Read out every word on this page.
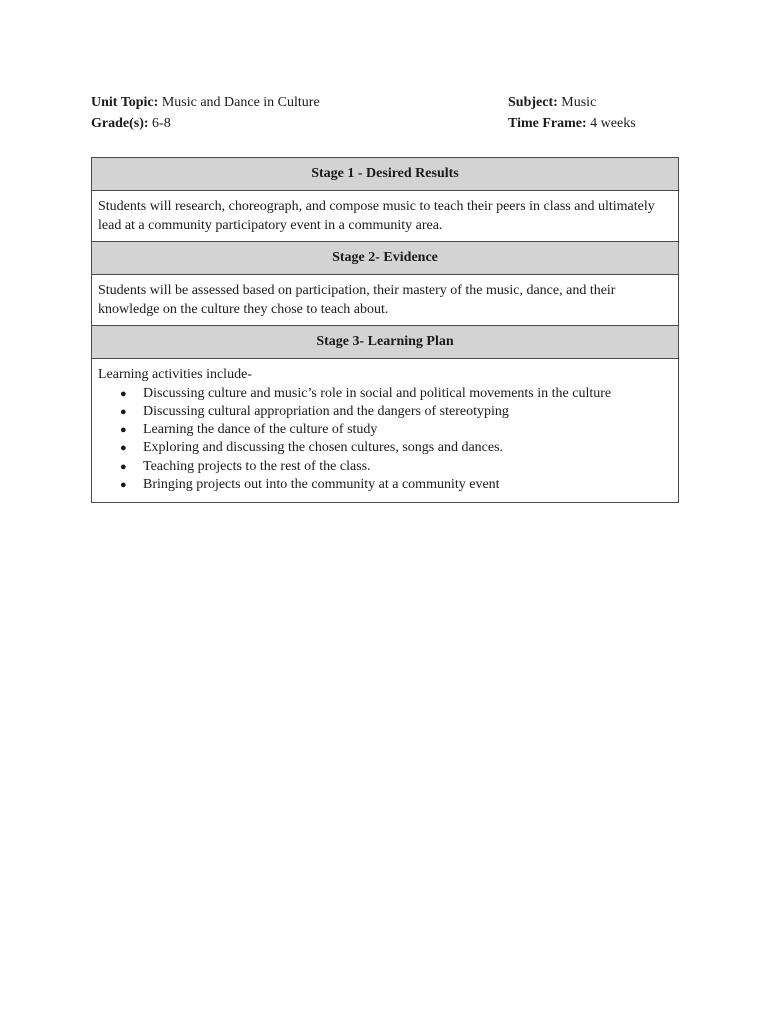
Unit Topic: Music and Dance in Culture	Subject: Music
Grade(s): 6-8	Time Frame: 4 weeks
Stage 1 - Desired Results
Students will research, choreograph, and compose music to teach their peers in class and ultimately lead at a community participatory event in a community area.
Stage 2- Evidence
Students will be assessed based on participation, their mastery of the music, dance, and their knowledge on the culture they chose to teach about.
Stage 3- Learning Plan
Learning activities include-
● Discussing culture and music’s role in social and political movements in the culture
● Discussing cultural appropriation and the dangers of stereotyping
● Learning the dance of the culture of study
● Exploring and discussing the chosen cultures, songs and dances.
● Teaching projects to the rest of the class.
● Bringing projects out into the community at a community event
